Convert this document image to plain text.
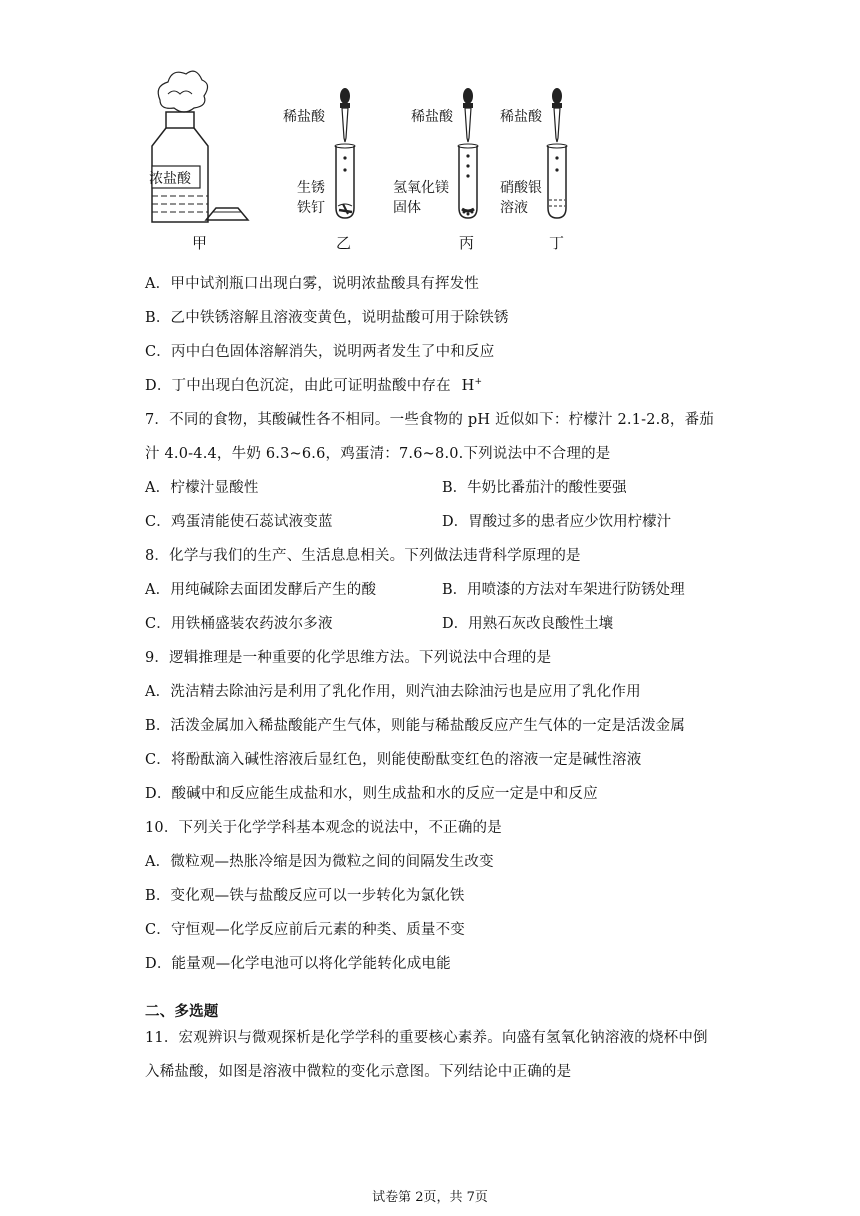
浓盐酸
稀盐酸
生锈
铁钉
稀盐酸
氢氧化镁
固体
稀盐酸
硝酸银
溶液
甲	乙	丙	丁
A．甲中试剂瓶口出现白雾，说明浓盐酸具有挥发性
B．乙中铁锈溶解且溶液变黄色，说明盐酸可用于除铁锈
C．丙中白色固体溶解消失，说明两者发生了中和反应
D．丁中出现白色沉淀，由此可证明盐酸中存在 H+
7．不同的食物，其酸碱性各不相同。一些食物的 pH 近似如下：柠檬汁 2.1-2.8，番茄
汁 4.0-4.4，牛奶 6.3~6.6，鸡蛋清：7.6~8.0.下列说法中不合理的是
A．柠檬汁显酸性	B．牛奶比番茄汁的酸性要强
C．鸡蛋清能使石蕊试液变蓝	D．胃酸过多的患者应少饮用柠檬汁
8．化学与我们的生产、生活息息相关。下列做法违背科学原理的是
A．用纯碱除去面团发酵后产生的酸	B．用喷漆的方法对车架进行防锈处理
C．用铁桶盛装农药波尔多液	D．用熟石灰改良酸性土壤
9．逻辑推理是一种重要的化学思维方法。下列说法中合理的是
A．洗洁精去除油污是利用了乳化作用，则汽油去除油污也是应用了乳化作用
B．活泼金属加入稀盐酸能产生气体，则能与稀盐酸反应产生气体的一定是活泼金属
C．将酚酞滴入碱性溶液后显红色，则能使酚酞变红色的溶液一定是碱性溶液
D．酸碱中和反应能生成盐和水，则生成盐和水的反应一定是中和反应
10．下列关于化学学科基本观念的说法中，不正确的是
A．微粒观—热胀冷缩是因为微粒之间的间隔发生改变
B．变化观—铁与盐酸反应可以一步转化为氯化铁
C．守恒观—化学反应前后元素的种类、质量不变
D．能量观—化学电池可以将化学能转化成电能
二、多选题
11．宏观辨识与微观探析是化学学科的重要核心素养。向盛有氢氧化钠溶液的烧杯中倒
入稀盐酸，如图是溶液中微粒的变化示意图。下列结论中正确的是
试卷第 2页，共 7页
